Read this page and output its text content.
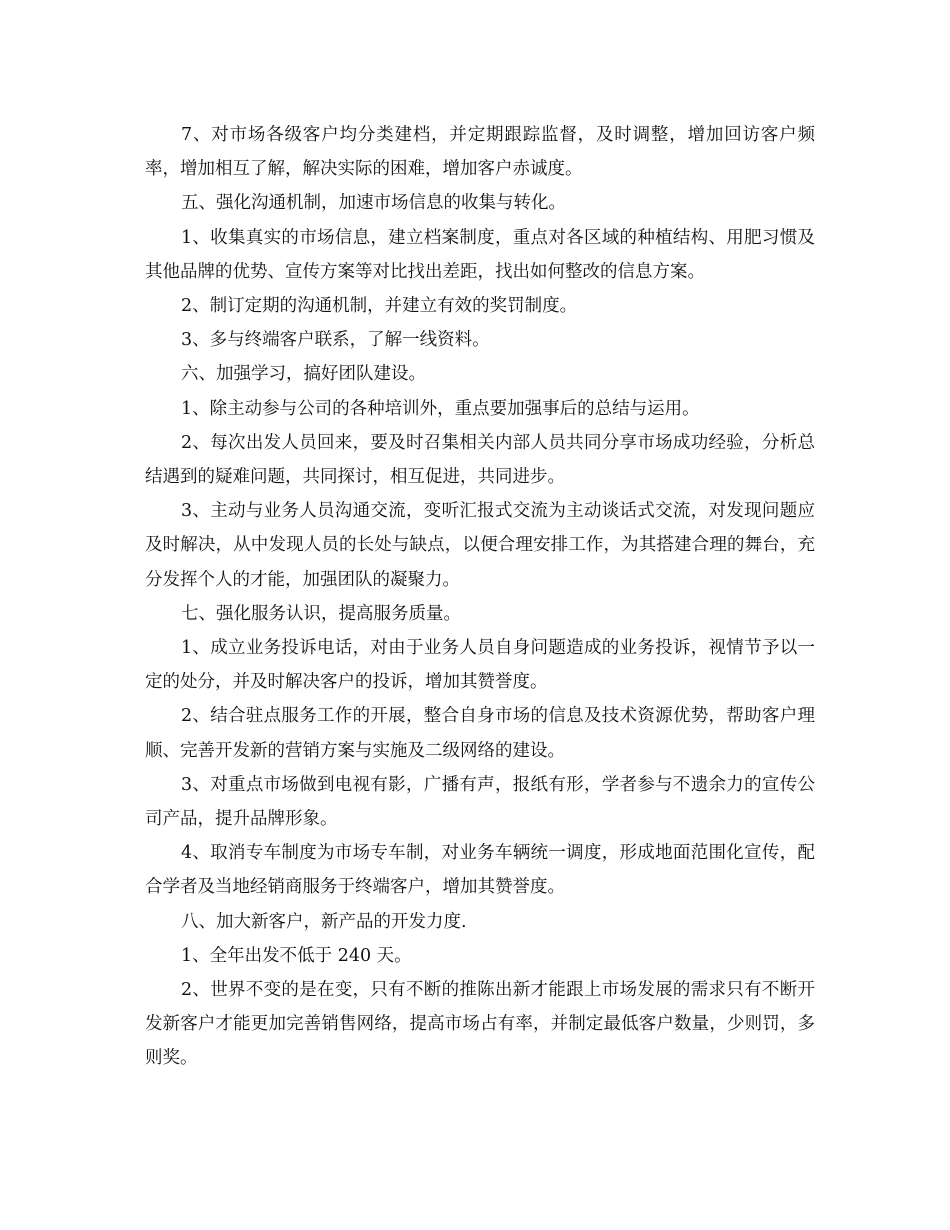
7、对市场各级客户均分类建档，并定期跟踪监督，及时调整，增加回访客户频率，增加相互了解，解决实际的困难，增加客户赤诚度。

五、强化沟通机制，加速市场信息的收集与转化。

1、收集真实的市场信息，建立档案制度，重点对各区域的种植结构、用肥习惯及其他品牌的优势、宣传方案等对比找出差距，找出如何整改的信息方案。

2、制订定期的沟通机制，并建立有效的奖罚制度。

3、多与终端客户联系，了解一线资料。

六、加强学习，搞好团队建设。

1、除主动参与公司的各种培训外，重点要加强事后的总结与运用。

2、每次出发人员回来，要及时召集相关内部人员共同分享市场成功经验，分析总结遇到的疑难问题，共同探讨，相互促进，共同进步。

3、主动与业务人员沟通交流，变听汇报式交流为主动谈话式交流，对发现问题应及时解决，从中发现人员的长处与缺点，以便合理安排工作，为其搭建合理的舞台，充分发挥个人的才能，加强团队的凝聚力。

七、强化服务认识，提高服务质量。

1、成立业务投诉电话，对由于业务人员自身问题造成的业务投诉，视情节予以一定的处分，并及时解决客户的投诉，增加其赞誉度。

2、结合驻点服务工作的开展，整合自身市场的信息及技术资源优势，帮助客户理顺、完善开发新的营销方案与实施及二级网络的建设。

3、对重点市场做到电视有影，广播有声，报纸有形，学者参与不遗余力的宣传公司产品，提升品牌形象。

4、取消专车制度为市场专车制，对业务车辆统一调度，形成地面范围化宣传，配合学者及当地经销商服务于终端客户，增加其赞誉度。

八、加大新客户，新产品的开发力度.

1、全年出发不低于 240 天。

2、世界不变的是在变，只有不断的推陈出新才能跟上市场发展的需求只有不断开发新客户才能更加完善销售网络，提高市场占有率，并制定最低客户数量，少则罚，多则奖。
